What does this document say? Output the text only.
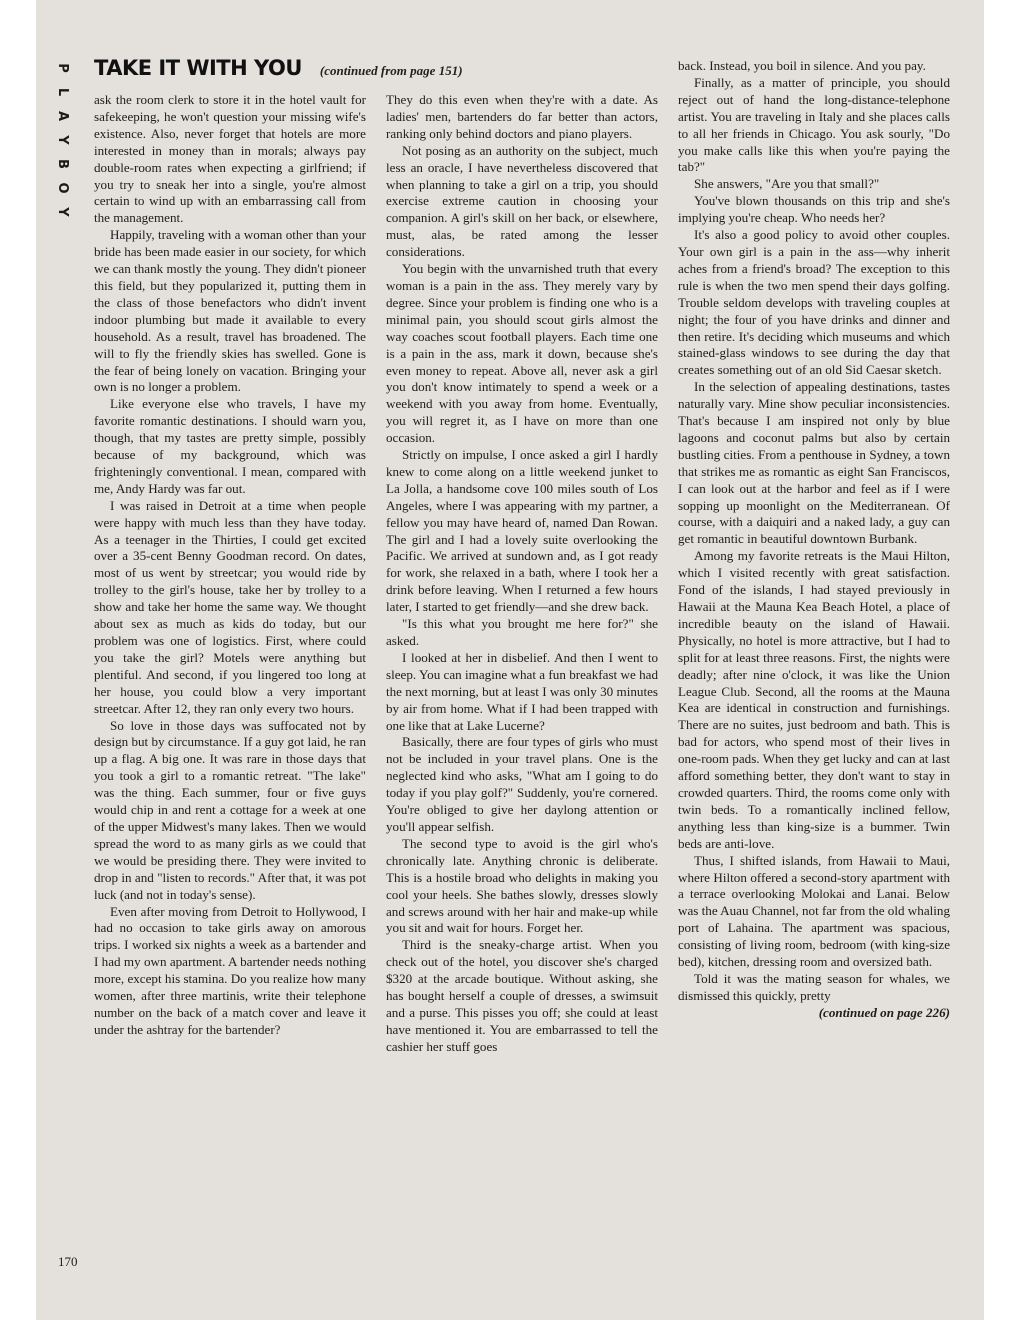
P
L
A
Y
B
O
Y
TAKE IT WITH YOU (continued from page 151)

ask the room clerk to store it in the hotel vault for safekeeping, he won't question your missing wife's existence. Also, never forget that hotels are more interested in money than in morals; always pay double-room rates when expecting a girlfriend; if you try to sneak her into a single, you're almost certain to wind up with an embarrassing call from the management.

Happily, traveling with a woman other than your bride has been made easier in our society, for which we can thank mostly the young. They didn't pioneer this field, but they popularized it, putting them in the class of those benefactors who didn't invent indoor plumbing but made it available to every household. As a result, travel has broadened. The will to fly the friendly skies has swelled. Gone is the fear of being lonely on vacation. Bringing your own is no longer a problem.

Like everyone else who travels, I have my favorite romantic destinations. I should warn you, though, that my tastes are pretty simple, possibly because of my background, which was frighteningly conventional. I mean, compared with me, Andy Hardy was far out.

I was raised in Detroit at a time when people were happy with much less than they have today. As a teenager in the Thirties, I could get excited over a 35-cent Benny Goodman record. On dates, most of us went by streetcar; you would ride by trolley to the girl's house, take her by trolley to a show and take her home the same way. We thought about sex as much as kids do today, but our problem was one of logistics. First, where could you take the girl? Motels were anything but plentiful. And second, if you lingered too long at her house, you could blow a very important streetcar. After 12, they ran only every two hours.

So love in those days was suffocated not by design but by circumstance. If a guy got laid, he ran up a flag. A big one. It was rare in those days that you took a girl to a romantic retreat. "The lake" was the thing. Each summer, four or five guys would chip in and rent a cottage for a week at one of the upper Midwest's many lakes. Then we would spread the word to as many girls as we could that we would be presiding there. They were invited to drop in and "listen to records." After that, it was pot luck (and not in today's sense).

Even after moving from Detroit to Hollywood, I had no occasion to take girls away on amorous trips. I worked six nights a week as a bartender and I had my own apartment. A bartender needs nothing more, except his stamina. Do you realize how many women, after three martinis, write their telephone number on the back of a match cover and leave it under the ashtray for the bartender?

They do this even when they're with a date. As ladies' men, bartenders do far better than actors, ranking only behind doctors and piano players.

Not posing as an authority on the subject, much less an oracle, I have nevertheless discovered that when planning to take a girl on a trip, you should exercise extreme caution in choosing your companion. A girl's skill on her back, or elsewhere, must, alas, be rated among the lesser considerations.

You begin with the unvarnished truth that every woman is a pain in the ass. They merely vary by degree. Since your problem is finding one who is a minimal pain, you should scout girls almost the way coaches scout football players. Each time one is a pain in the ass, mark it down, because she's even money to repeat. Above all, never ask a girl you don't know intimately to spend a week or a weekend with you away from home. Eventually, you will regret it, as I have on more than one occasion.

Strictly on impulse, I once asked a girl I hardly knew to come along on a little weekend junket to La Jolla, a handsome cove 100 miles south of Los Angeles, where I was appearing with my partner, a fellow you may have heard of, named Dan Rowan. The girl and I had a lovely suite overlooking the Pacific. We arrived at sundown and, as I got ready for work, she relaxed in a bath, where I took her a drink before leaving. When I returned a few hours later, I started to get friendly—and she drew back.

"Is this what you brought me here for?" she asked.

I looked at her in disbelief. And then I went to sleep. You can imagine what a fun breakfast we had the next morning, but at least I was only 30 minutes by air from home. What if I had been trapped with one like that at Lake Lucerne?

Basically, there are four types of girls who must not be included in your travel plans. One is the neglected kind who asks, "What am I going to do today if you play golf?" Suddenly, you're cornered. You're obliged to give her daylong attention or you'll appear selfish.

The second type to avoid is the girl who's chronically late. Anything chronic is deliberate. This is a hostile broad who delights in making you cool your heels. She bathes slowly, dresses slowly and screws around with her hair and make-up while you sit and wait for hours. Forget her.

Third is the sneaky-charge artist. When you check out of the hotel, you discover she's charged $320 at the arcade boutique. Without asking, she has bought herself a couple of dresses, a swimsuit and a purse. This pisses you off; she could at least have mentioned it. You are embarrassed to tell the cashier her stuff goes

back. Instead, you boil in silence. And you pay.

Finally, as a matter of principle, you should reject out of hand the long-distance-telephone artist. You are traveling in Italy and she places calls to all her friends in Chicago. You ask sourly, "Do you make calls like this when you're paying the tab?"

She answers, "Are you that small?"

You've blown thousands on this trip and she's implying you're cheap. Who needs her?

It's also a good policy to avoid other couples. Your own girl is a pain in the ass—why inherit aches from a friend's broad? The exception to this rule is when the two men spend their days golfing. Trouble seldom develops with traveling couples at night; the four of you have drinks and dinner and then retire. It's deciding which museums and which stained-glass windows to see during the day that creates something out of an old Sid Caesar sketch.

In the selection of appealing destinations, tastes naturally vary. Mine show peculiar inconsistencies. That's because I am inspired not only by blue lagoons and coconut palms but also by certain bustling cities. From a penthouse in Sydney, a town that strikes me as romantic as eight San Franciscos, I can look out at the harbor and feel as if I were sopping up moonlight on the Mediterranean. Of course, with a daiquiri and a naked lady, a guy can get romantic in beautiful downtown Burbank.

Among my favorite retreats is the Maui Hilton, which I visited recently with great satisfaction. Fond of the islands, I had stayed previously in Hawaii at the Mauna Kea Beach Hotel, a place of incredible beauty on the island of Hawaii. Physically, no hotel is more attractive, but I had to split for at least three reasons. First, the nights were deadly; after nine o'clock, it was like the Union League Club. Second, all the rooms at the Mauna Kea are identical in construction and furnishings. There are no suites, just bedroom and bath. This is bad for actors, who spend most of their lives in one-room pads. When they get lucky and can at last afford something better, they don't want to stay in crowded quarters. Third, the rooms come only with twin beds. To a romantically inclined fellow, anything less than king-size is a bummer. Twin beds are anti-love.

Thus, I shifted islands, from Hawaii to Maui, where Hilton offered a second-story apartment with a terrace overlooking Molokai and Lanai. Below was the Auau Channel, not far from the old whaling port of Lahaina. The apartment was spacious, consisting of living room, bedroom (with king-size bed), kitchen, dressing room and oversized bath.

Told it was the mating season for whales, we dismissed this quickly, pretty

(continued on page 226)

170
